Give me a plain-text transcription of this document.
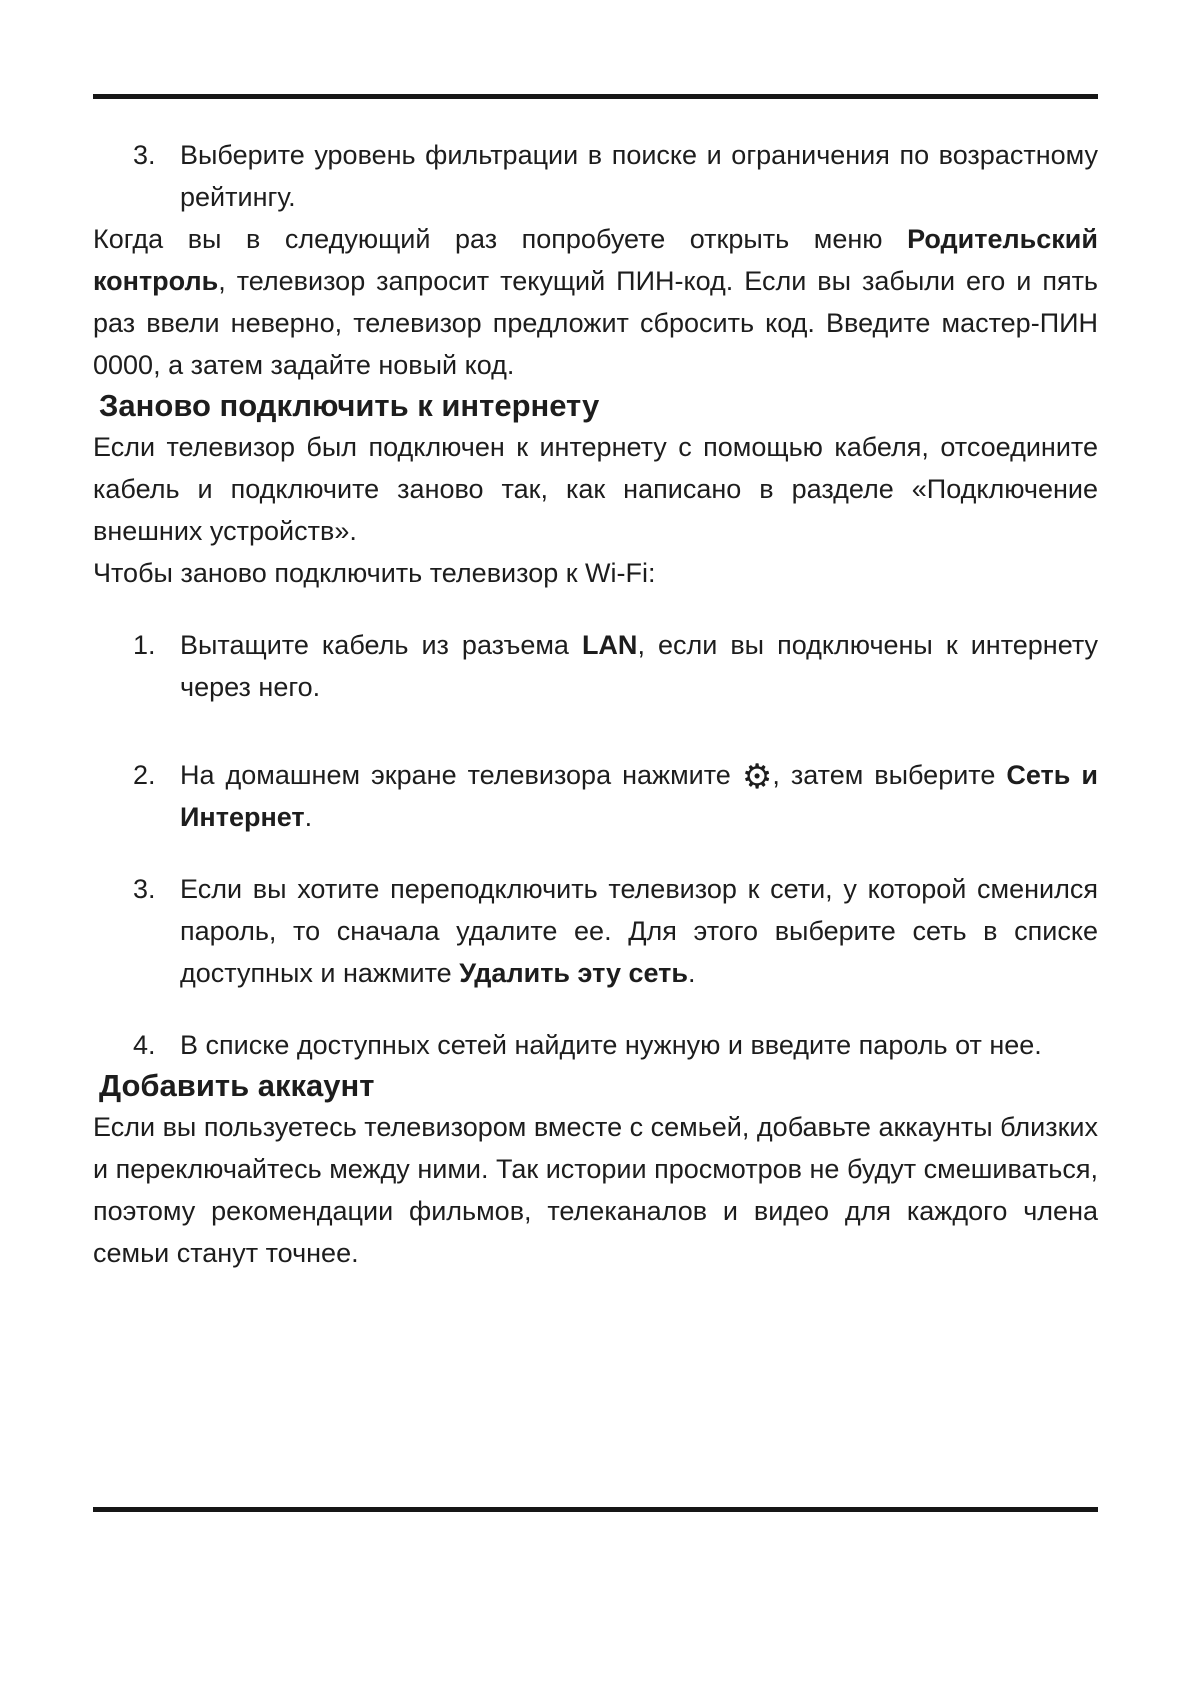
3. Выберите уровень фильтрации в поиске и ограничения по возрастному рейтингу.

Когда вы в следующий раз попробуете открыть меню Родительский контроль, телевизор запросит текущий ПИН-код. Если вы забыли его и пять раз ввели неверно, телевизор предложит сбросить код. Введите мастер-ПИН 0000, а затем задайте новый код.

Заново подключить к интернету

Если телевизор был подключен к интернету с помощью кабеля, отсоедините кабель и подключите заново так, как написано в разделе «Подключение внешних устройств».

Чтобы заново подключить телевизор к Wi-Fi:

1. Вытащите кабель из разъема LAN, если вы подключены к интернету через него.

2. На домашнем экране телевизора нажмите ⚙, затем выберите Сеть и Интернет.

3. Если вы хотите переподключить телевизор к сети, у которой сменился пароль, то сначала удалите ее. Для этого выберите сеть в списке доступных и нажмите Удалить эту сеть.

4. В списке доступных сетей найдите нужную и введите пароль от нее.

Добавить аккаунт

Если вы пользуетесь телевизором вместе с семьей, добавьте аккаунты близких и переключайтесь между ними. Так истории просмотров не будут смешиваться, поэтому рекомендации фильмов, телеканалов и видео для каждого члена семьи станут точнее.
